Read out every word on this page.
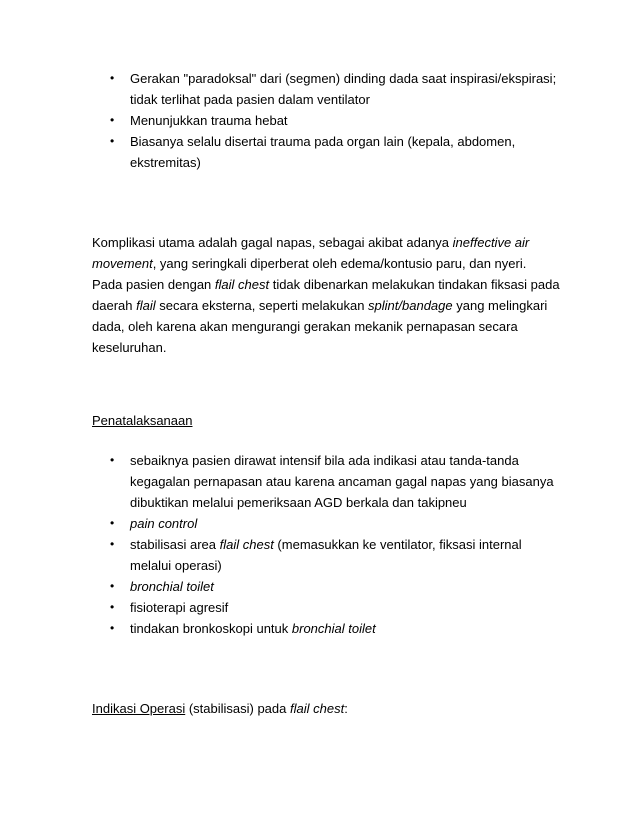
• Gerakan "paradoksal" dari (segmen) dinding dada saat inspirasi/ekspirasi;
tidak terlihat pada pasien dalam ventilator
• Menunjukkan trauma hebat
• Biasanya selalu disertai trauma pada organ lain (kepala, abdomen,
ekstremitas)
Komplikasi utama adalah gagal napas, sebagai akibat adanya ineffective air
movement, yang seringkali diperberat oleh edema/kontusio paru, dan nyeri.
Pada pasien dengan flail chest tidak dibenarkan melakukan tindakan fiksasi pada
daerah flail secara eksterna, seperti melakukan splint/bandage yang melingkari
dada, oleh karena akan mengurangi gerakan mekanik pernapasan secara
keseluruhan.
Penatalaksanaan
• sebaiknya pasien dirawat intensif bila ada indikasi atau tanda-tanda
kegagalan pernapasan atau karena ancaman gagal napas yang biasanya
dibuktikan melalui pemeriksaan AGD berkala dan takipneu
• pain control
• stabilisasi area flail chest (memasukkan ke ventilator, fiksasi internal
melalui operasi)
• bronchial toilet
• fisioterapi agresif
• tindakan bronkoskopi untuk bronchial toilet
Indikasi Operasi (stabilisasi) pada flail chest:
